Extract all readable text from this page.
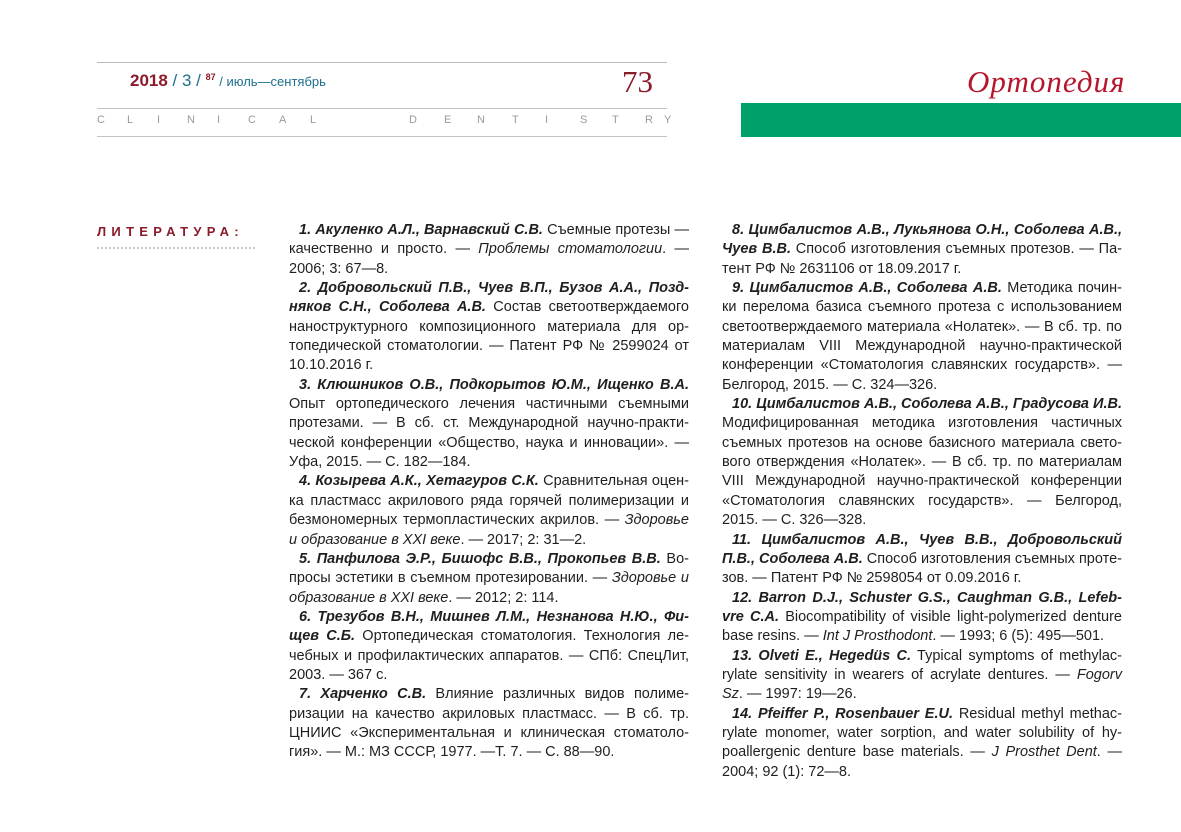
2018 / 3 / $^{87}$ / июль—сентябрь	73
C L I N I	C A L	D E N T I	S T R Y
Ортопедия
ЛИТЕРАТУРА:	1. Акуленко А.Л., Варнавский С.В. Съемные протезы — качественно и просто. — Проблемы стоматологии. — 2006; 3: 67—8.

2. Добровольский П.В., Чуев В.П., Бузов А.А., Поздняков С.Н., Соболева А.В. Состав светоотверждаемого наноструктурного композиционного материала для ортопедической стоматологии. — Патент РФ № 2599024 от 10.10.2016 г.

3. Клюшников О.В., Подкорытов Ю.М., Ищенко В.А. Опыт ортопедического лечения частичными съемными протезами. — В сб. ст. Международной научно-практической конференции «Общество, наука и инновации». — Уфа, 2015. — С. 182—184.

4. Козырева А.К., Хетагуров С.К. Сравнительная оценка пластмасс акрилового ряда горячей полимеризации и безмономерных термопластических акрилов. — Здоровье и образование в XXI веке. — 2017; 2: 31—2.

5. Панфилова Э.Р., Бишофс В.В., Прокопьев В.В. Вопросы эстетики в съемном протезировании. — Здоровье и образование в XXI веке. — 2012; 2: 114.

6. Трезубов В.Н., Мишнев Л.М., Незнанова Н.Ю., Фищев С.Б. Ортопедическая стоматология. Технология лечебных и профилактических аппаратов. — СПб: СпецЛит, 2003. — 367 с.

7. Харченко С.В. Влияние различных видов полимеризации на качество акриловых пластмасс. — В сб. тр. ЦНИИС «Экспериментальная и клиническая стоматология». — М.: МЗ СССР, 1977. —Т. 7. — С. 88—90.

8. Цимбалистов А.В., Лукьянова О.Н., Соболева А.В., Чуев В.В. Способ изготовления съемных протезов. — Патент РФ № 2631106 от 18.09.2017 г.

9. Цимбалистов А.В., Соболева А.В. Методика починки перелома базиса съемного протеза с использованием светоотверждаемого материала «Нолатек». — В сб. тр. по материалам VIII Международной научно-практической конференции «Стоматология славянских государств». — Белгород, 2015. — С. 324—326.

10. Цимбалистов А.В., Соболева А.В., Градусова И.В. Модифицированная методика изготовления частичных съемных протезов на основе базисного материала светового отверждения «Нолатек». — В сб. тр. по материалам VIII Международной научно-практической конференции «Стоматология славянских государств». — Белгород, 2015. — С. 326—328.

11. Цимбалистов А.В., Чуев В.В., Добровольский П.В., Соболева А.В. Способ изготовления съемных протезов. — Патент РФ № 2598054 от 0.09.2016 г.

12. Barron D.J., Schuster G.S., Caughman G.B., Lefebvre C.A. Biocompatibility of visible light-polymerized denture base resins. — Int J Prosthodont. — 1993; 6 (5): 495—501.

13. Olveti E., Hegedüs C. Typical symptoms of methylacrylate sensitivity in wearers of acrylate dentures. — Fogorv Sz. — 1997: 19—26.

14. Pfeiffer P., Rosenbauer E.U. Residual methyl methacrylate monomer, water sorption, and water solubility of hypoallergenic denture base materials. — J Prosthet Dent. — 2004; 92 (1): 72—8.
